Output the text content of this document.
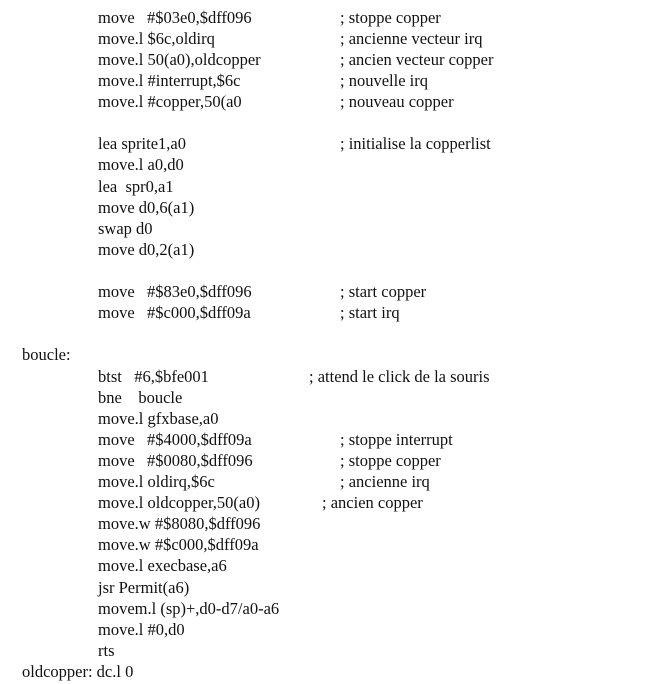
move   #$03e0,$dff096	; stoppe copper
move.l $6c,oldirq	; ancienne vecteur irq
move.l 50(a0),oldcopper	; ancien vecteur copper
move.l #interrupt,$6c	; nouvelle irq
move.l #copper,50(a0	; nouveau copper
lea sprite1,a0	; initialise la copperlist
move.l a0,d0
lea  spr0,a1
move d0,6(a1)
swap d0
move d0,2(a1)
move   #$83e0,$dff096	; start copper
move   #$c000,$dff09a	; start irq
boucle:
btst   #6,$bfe001	; attend le click de la souris
bne    boucle
move.l gfxbase,a0
move   #$4000,$dff09a	; stoppe interrupt
move   #$0080,$dff096	; stoppe copper
move.l oldirq,$6c	; ancienne irq
move.l oldcopper,50(a0)	; ancien copper
move.w #$8080,$dff096
move.w #$c000,$dff09a
move.l execbase,a6
jsr Permit(a6)
movem.l (sp)+,d0-d7/a0-a6
move.l #0,d0
rts
oldcopper: dc.l 0
